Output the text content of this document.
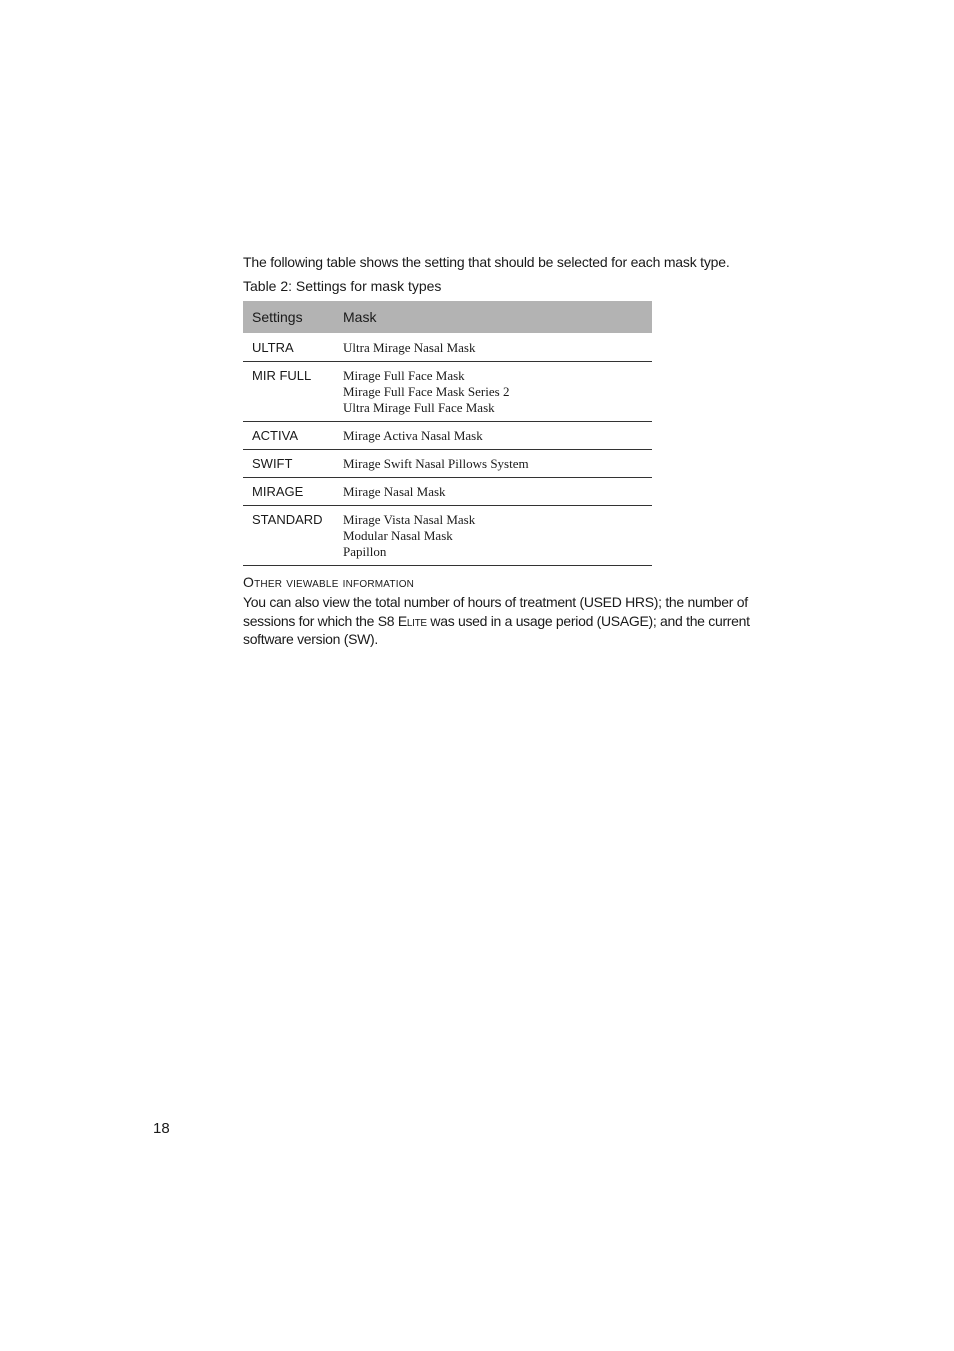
The following table shows the setting that should be selected for each mask type.

Table 2: Settings for mask types

Settings	Mask
ULTRA	Ultra Mirage Nasal Mask

MIR FULL	Mirage Full Face Mask
Mirage Full Face Mask Series 2
Ultra Mirage Full Face Mask

ACTIVA	Mirage Activa Nasal Mask

SWIFT	Mirage Swift Nasal Pillows System

MIRAGE	Mirage Nasal Mask

STANDARD	Mirage Vista Nasal Mask
Modular Nasal Mask
Papillon
Other viewable information

You can also view the total number of hours of treatment (USED HRS); the number of sessions for which the S8 Elite was used in a usage period (USAGE); and the current software version (SW).

18
